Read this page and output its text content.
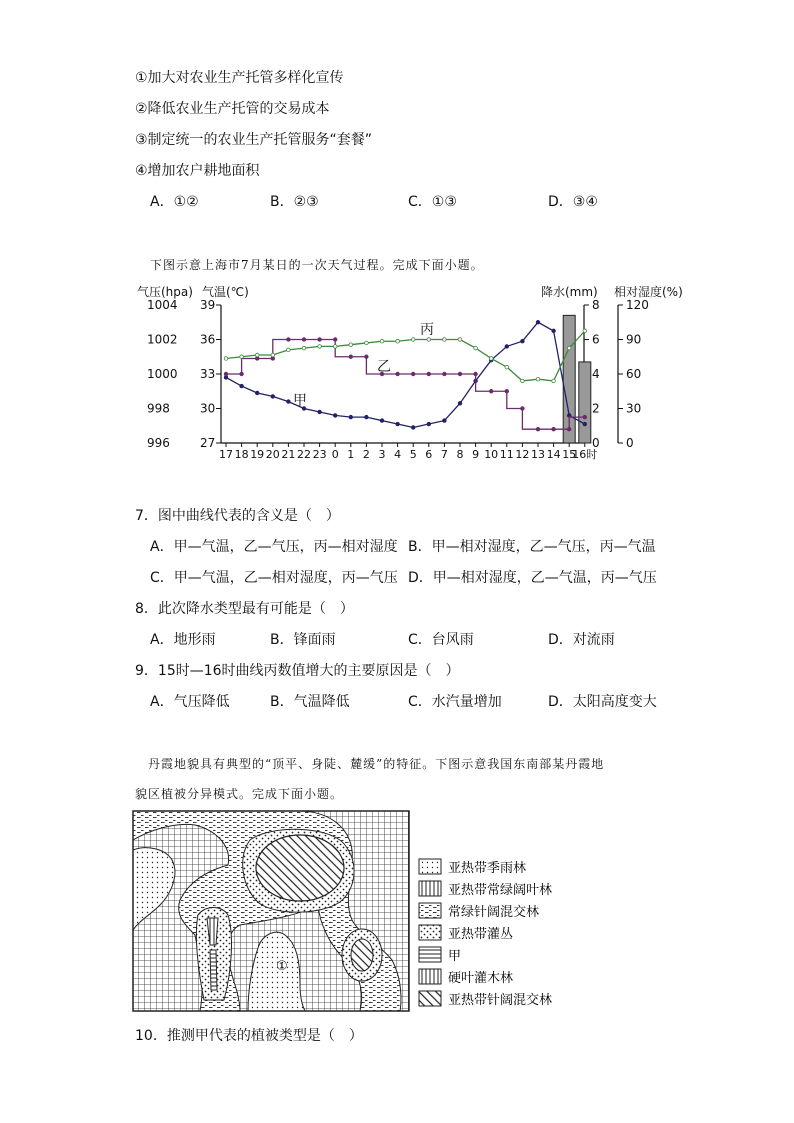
①加大对农业生产托管多样化宣传
②降低农业生产托管的交易成本
③制定统一的农业生产托管服务“套餐”
④增加农户耕地面积
A．①②	B．②③	C．①③	D．③④
下图示意上海市7月某日的一次天气过程。完成下面小题。
气压(hpa) 气温(℃)	降水(mm) 相对湿度(%)
1004 39	8 120
1002 36	6 90
1000 33	4 60
998	30	2 30
996	27	0 0
17 18 19 20 21 22 23 0 1 2 3 4 5 6 7 8 9 10 11 12 13 14 15
16时
甲
乙
丙
7．图中曲线代表的含义是（　）
A．甲—气温，乙—气压，丙—相对湿度 B．甲—相对湿度，乙—气压，丙—气温
C．甲—气温，乙—相对湿度，丙—气压 D．甲—相对湿度，乙—气温，丙—气压
8．此次降水类型最有可能是（　）
A．地形雨	B．锋面雨	C．台风雨	D．对流雨
9．15时—16时曲线丙数值增大的主要原因是（　）
A．气压降低	B．气温降低	C．水汽量增加	D．太阳高度变大
丹霞地貌具有典型的“顶平、身陡、麓缓”的特征。下图示意我国东南部某丹霞地
貌区植被分异模式。完成下面小题。
①
亚热带季雨林
亚热带常绿阔叶林
常绿针阔混交林
亚热带灌丛
甲
硬叶灌木林
亚热带针阔混交林
10．推测甲代表的植被类型是（　）
